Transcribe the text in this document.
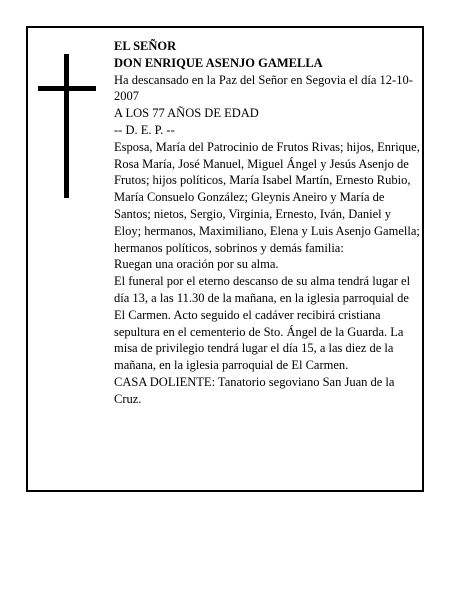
EL SEÑOR

DON ENRIQUE ASENJO GAMELLA

Ha descansado en la Paz del Señor en Segovia el día 12-10-2007

A LOS 77 AÑOS DE EDAD

-- D. E. P. --

Esposa, María del Patrocinio de Frutos Rivas; hijos, Enrique, Rosa María, José Manuel, Miguel Ángel y Jesús Asenjo de Frutos; hijos políticos, María Isabel Martín, Ernesto Rubio, María Consuelo González; Gleynis Aneiro y María de Santos; nietos, Sergio, Virginia, Ernesto, Iván, Daniel y Eloy; hermanos, Maximiliano, Elena y Luis Asenjo Gamella; hermanos políticos, sobrinos y demás familia:

Ruegan una oración por su alma.

El funeral por el eterno descanso de su alma tendrá lugar el día 13, a las 11.30 de la mañana, en la iglesia parroquial de El Carmen. Acto seguido el cadáver recibirá cristiana sepultura en el cementerio de Sto. Ángel de la Guarda. La misa de privilegio tendrá lugar el día 15, a las diez de la mañana, en la iglesia parroquial de El Carmen.

CASA DOLIENTE: Tanatorio segoviano San Juan de la Cruz.
